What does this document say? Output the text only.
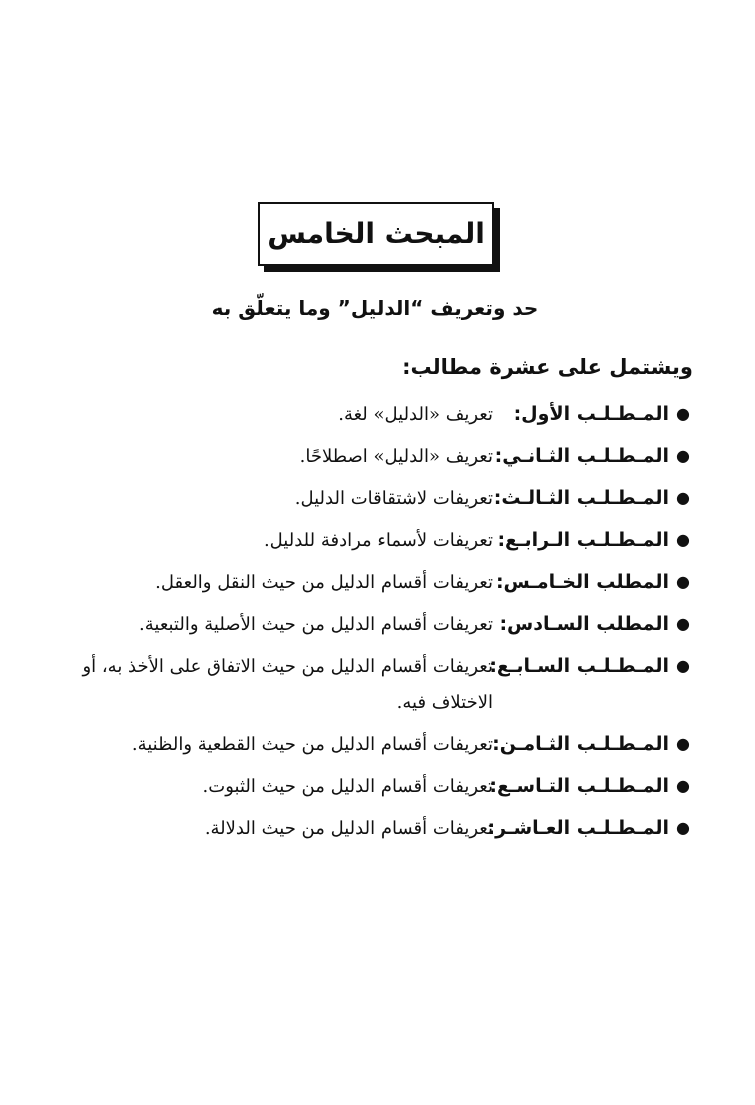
المبحث الخامس
حد وتعريف “الدليل” وما يتعلّق به
ويشتمل على عشرة مطالب:
●
المـطـلـب الأول:
تعريف «الدليل» لغة.
●
المـطـلـب الثـانـي:
تعريف «الدليل» اصطلاحًا.
●
المـطـلـب الثـالـث:
تعريفات لاشتقاقات الدليل.
●
المـطـلـب الـرابـع:
تعريفات لأسماء مرادفة للدليل.
●
المطلب الخـامـس:
تعريفات أقسام الدليل من حيث النقل والعقل.
●
المطلب السـادس:
تعريفات أقسام الدليل من حيث الأصلية والتبعية.
●
المـطـلـب السـابـع:
تعريفات أقسام الدليل من حيث الاتفاق على الأخذ به، أو الاختلاف فيه.
●
المـطـلـب الثـامـن:
تعريفات أقسام الدليل من حيث القطعية والظنية.
●
المـطـلـب التـاسـع:
تعريفات أقسام الدليل من حيث الثبوت.
●
المـطـلـب العـاشـر:
تعريفات أقسام الدليل من حيث الدلالة.
